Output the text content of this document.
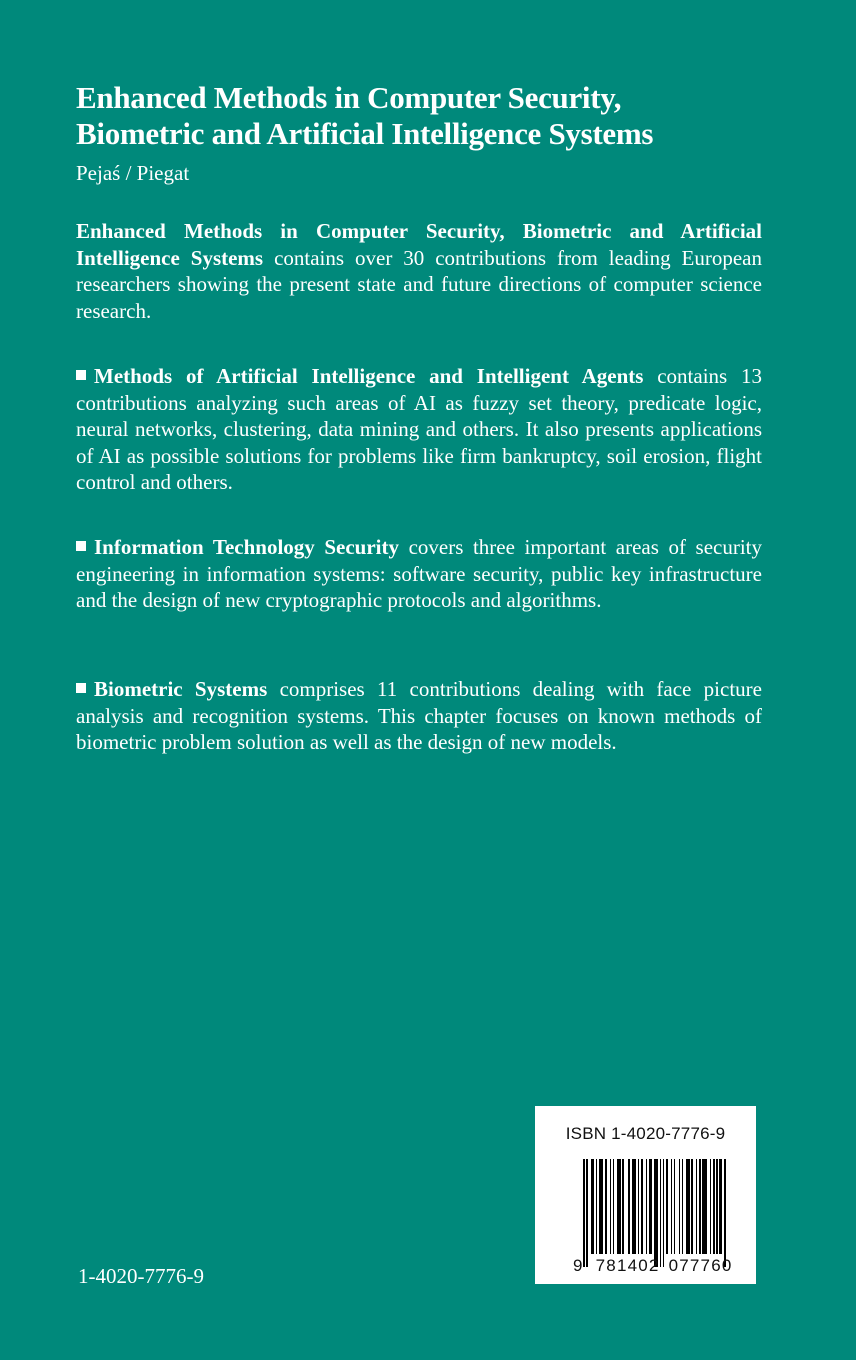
Enhanced Methods in Computer Security,
Biometric and Artificial Intelligence Systems
Pejaś / Piegat
Enhanced Methods in Computer Security, Biometric and Artificial Intelligence Systems contains over 30 contributions from leading European researchers showing the present state and future directions of computer science research.
Methods of Artificial Intelligence and Intelligent Agents contains 13 contributions analyzing such areas of AI as fuzzy set theory, predicate logic, neural networks, clustering, data mining and others. It also presents applications of AI as possible solutions for problems like firm bankruptcy, soil erosion, flight control and others.
Information Technology Security covers three important areas of security engineering in information systems: software security, public key infrastructure and the design of new cryptographic protocols and algorithms.
Biometric Systems comprises 11 contributions dealing with face picture analysis and recognition systems. This chapter focuses on known methods of biometric problem solution as well as the design of new models.
ISBN 1-4020-7776-9
9 781402 077760
1-4020-7776-9
